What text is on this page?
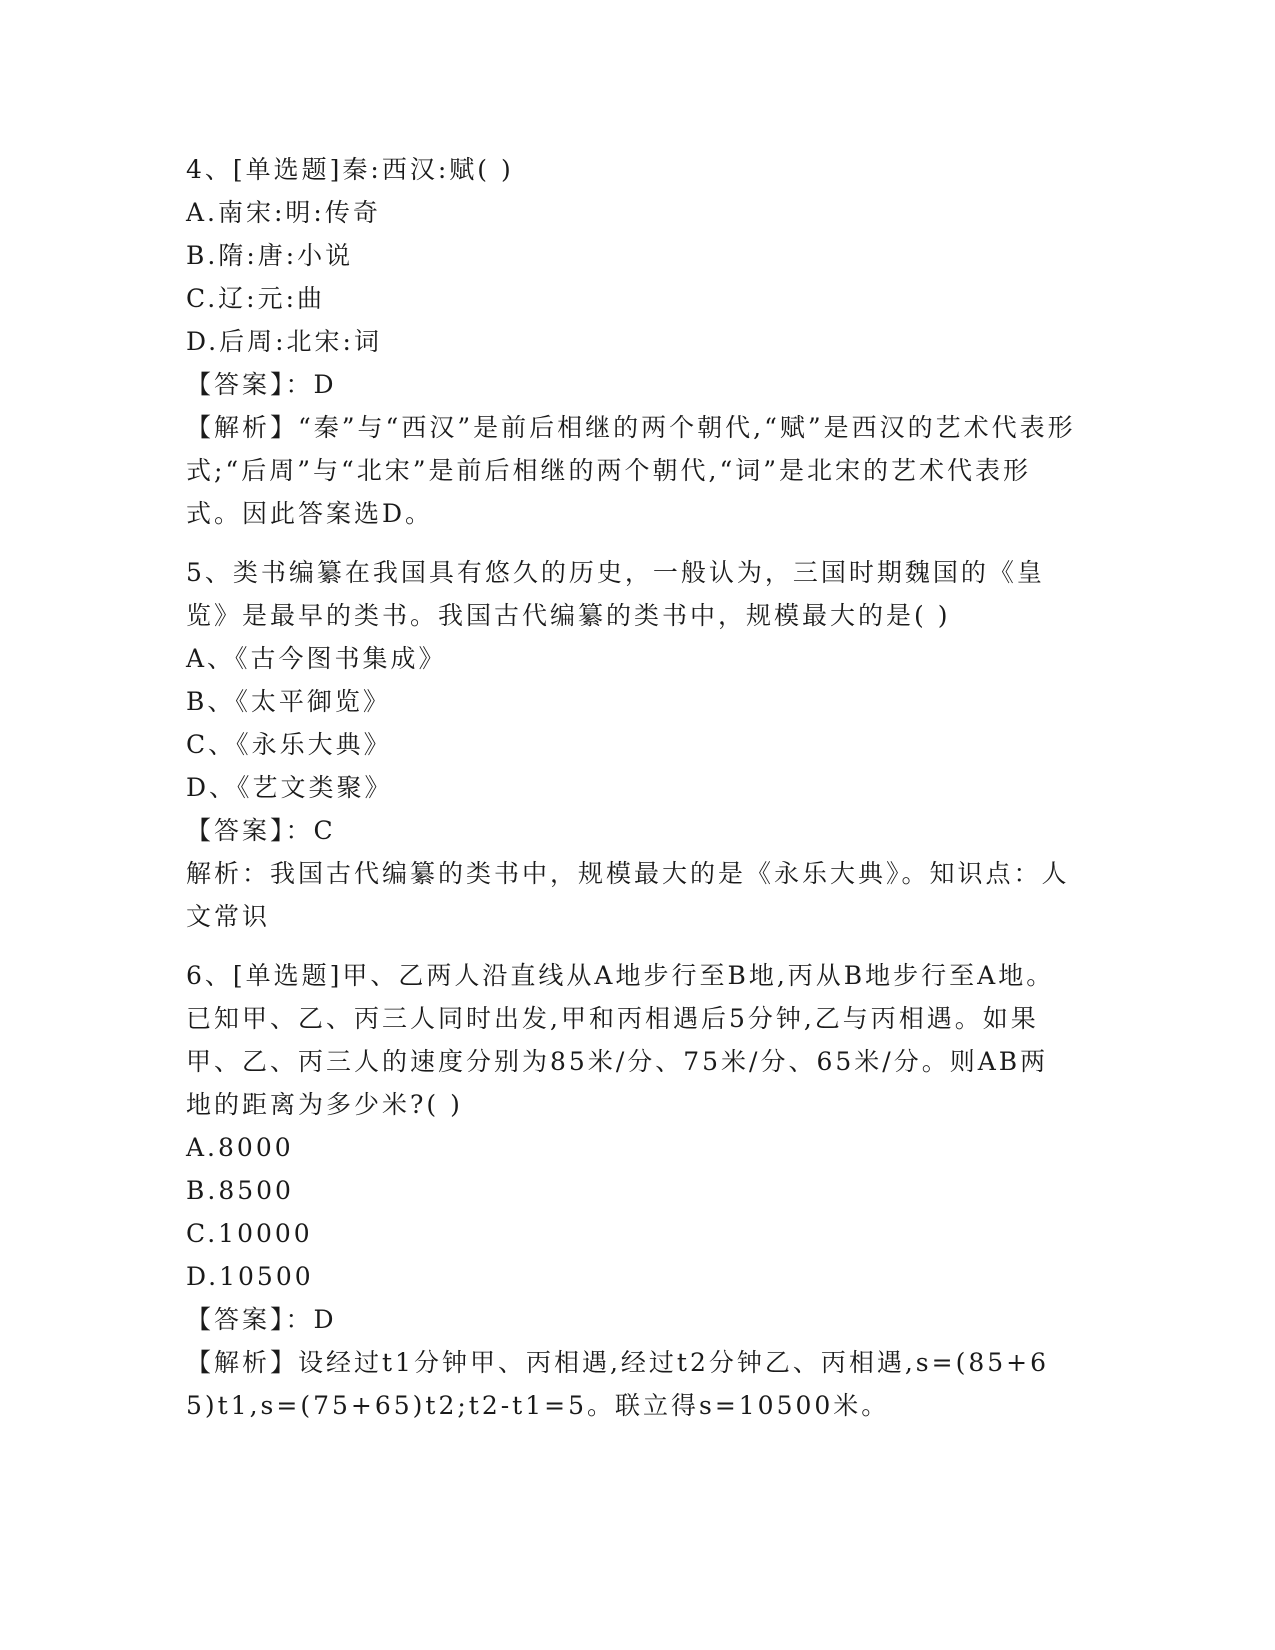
4、[单选题]秦:西汉:赋( )
A.南宋:明:传奇
B.隋:唐:小说
C.辽:元:曲
D.后周:北宋:词
【答案】：D
【解析】“秦”与“西汉”是前后相继的两个朝代,“赋”是西汉的艺术代表形式;“后周”与“北宋”是前后相继的两个朝代,“词”是北宋的艺术代表形式。因此答案选D。
5、类书编纂在我国具有悠久的历史，一般认为，三国时期魏国的《皇览》是最早的类书。我国古代编纂的类书中，规模最大的是( )
A、《古今图书集成》
B、《太平御览》
C、《永乐大典》
D、《艺文类聚》
【答案】：C
解析：我国古代编纂的类书中，规模最大的是《永乐大典》。知识点：人文常识
6、[单选题]甲、乙两人沿直线从A地步行至B地,丙从B地步行至A地。已知甲、乙、丙三人同时出发,甲和丙相遇后5分钟,乙与丙相遇。如果甲、乙、丙三人的速度分别为85米/分、75米/分、65米/分。则AB两地的距离为多少米?( )
A.8000
B.8500
C.10000
D.10500
【答案】：D
【解析】设经过t1分钟甲、丙相遇,经过t2分钟乙、丙相遇,s=(85+65)t1,s=(75+65)t2;t2-t1=5。联立得s=10500米。
